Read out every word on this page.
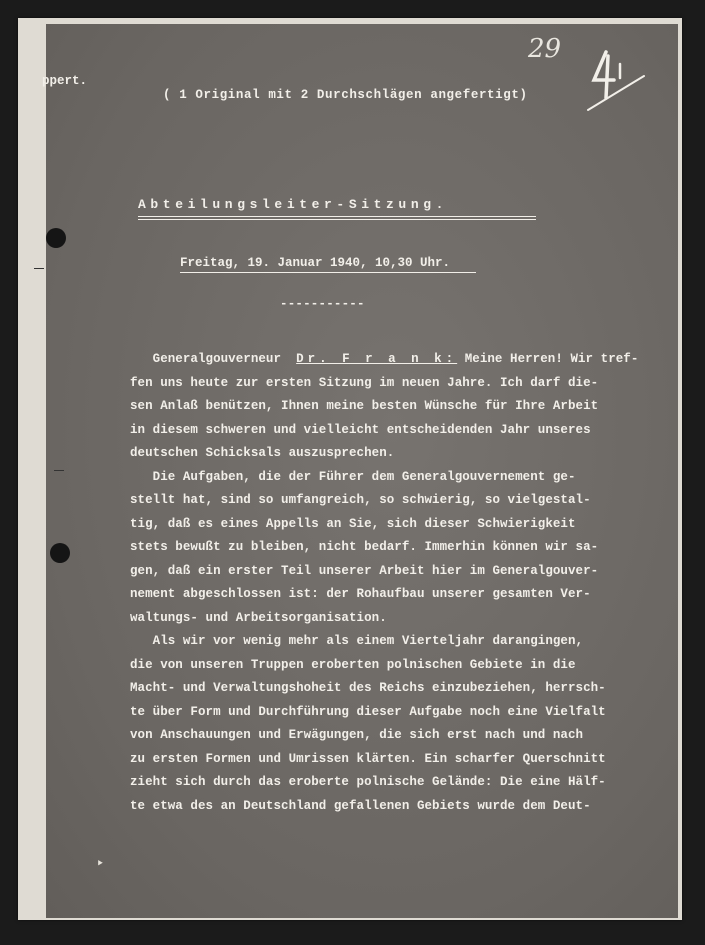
ppert.
( 1 Original mit 2 Durchschlägen angefertigt)
29
Abteilungsleiter-Sitzung.
Freitag, 19. Januar 1940, 10,30 Uhr.
-----------
Generalgouverneur Dr. F r a n k: Meine Herren! Wir tref-
fen uns heute zur ersten Sitzung im neuen Jahre. Ich darf die-
sen Anlaß benützen, Ihnen meine besten Wünsche für Ihre Arbeit
in diesem schweren und vielleicht entscheidenden Jahr unseres
deutschen Schicksals auszusprechen.
Die Aufgaben, die der Führer dem Generalgouvernement ge-
stellt hat, sind so umfangreich, so schwierig, so vielgestal-
tig, daß es eines Appells an Sie, sich dieser Schwierigkeit
stets bewußt zu bleiben, nicht bedarf. Immerhin können wir sa-
gen, daß ein erster Teil unserer Arbeit hier im Generalgouver-
nement abgeschlossen ist: der Rohaufbau unserer gesamten Ver-
waltungs- und Arbeitsorganisation.
Als wir vor wenig mehr als einem Vierteljahr darangingen,
die von unseren Truppen eroberten polnischen Gebiete in die
Macht- und Verwaltungshoheit des Reichs einzubeziehen, herrsch-
te über Form und Durchführung dieser Aufgabe noch eine Vielfalt
von Anschauungen und Erwägungen, die sich erst nach und nach
zu ersten Formen und Umrissen klärten. Ein scharfer Querschnitt
zieht sich durch das eroberte polnische Gelände: Die eine Hälf-
te etwa des an Deutschland gefallenen Gebiets wurde dem Deut-
‣
